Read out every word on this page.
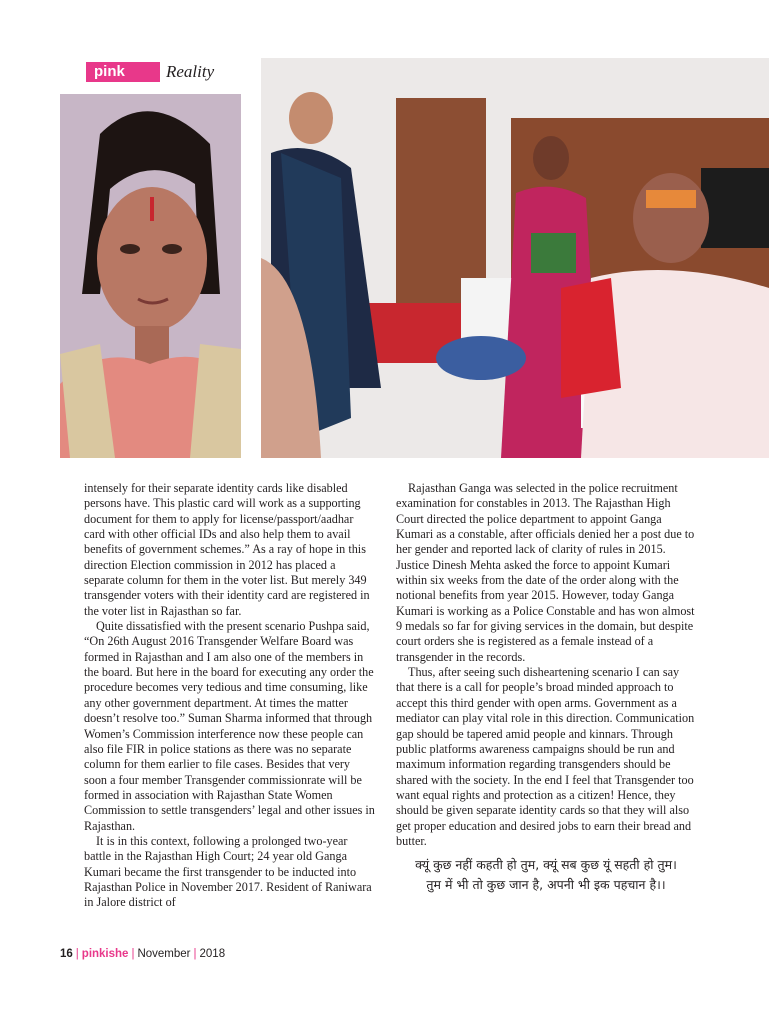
pink	Reality

intensely for their separate identity cards like disabled persons have. This plastic card will work as a supporting document for them to apply for license/passport/aadhar card with other official IDs and also help them to avail benefits of government schemes.” As a ray of hope in this direction Election commission in 2012 has placed a separate column for them in the voter list. But merely 349 transgender voters with their identity card are registered in the voter list in Rajasthan so far.

Quite dissatisfied with the present scenario Pushpa said, “On 26th August 2016 Transgender Welfare Board was formed in Rajasthan and I am also one of the members in the board. But here in the board for executing any order the procedure becomes very tedious and time consuming, like any other government department. At times the matter doesn’t resolve too.” Suman Sharma informed that through Women’s Commission interference now these people can also file FIR in police stations as there was no separate column for them earlier to file cases. Besides that very soon a four member Transgender commissionrate will be formed in association with Rajasthan State Women Commission to settle transgenders’ legal and other issues in Rajasthan.

It is in this context, following a prolonged two-year battle in the Rajasthan High Court; 24 year old Ganga Kumari became the first transgender to be inducted into Rajasthan Police in November 2017. Resident of Raniwara in Jalore district of

Rajasthan Ganga was selected in the police recruitment examination for constables in 2013. The Rajasthan High Court directed the police department to appoint Ganga Kumari as a constable, after officials denied her a post due to her gender and reported lack of clarity of rules in 2015. Justice Dinesh Mehta asked the force to appoint Kumari within six weeks from the date of the order along with the notional benefits from year 2015. However, today Ganga Kumari is working as a Police Constable and has won almost 9 medals so far for giving services in the domain, but despite court orders she is registered as a female instead of a transgender in the records.

Thus, after seeing such disheartening scenario I can say that there is a call for people’s broad minded approach to accept this third gender with open arms. Government as a mediator can play vital role in this direction. Communication gap should be tapered amid people and kinnars. Through public platforms awareness campaigns should be run and maximum information regarding transgenders should be shared with the society. In the end I feel that Transgender too want equal rights and protection as a citizen! Hence, they should be given separate identity cards so that they will also get proper education and desired jobs to earn their bread and butter.

क्यूं कुछ नहीं कहती हो तुम, क्यूं सब कुछ यूं सहती हो तुम।
तुम में भी तो कुछ जान है, अपनी भी इक पहचान है।।
16 | pinkishe | November | 2018
